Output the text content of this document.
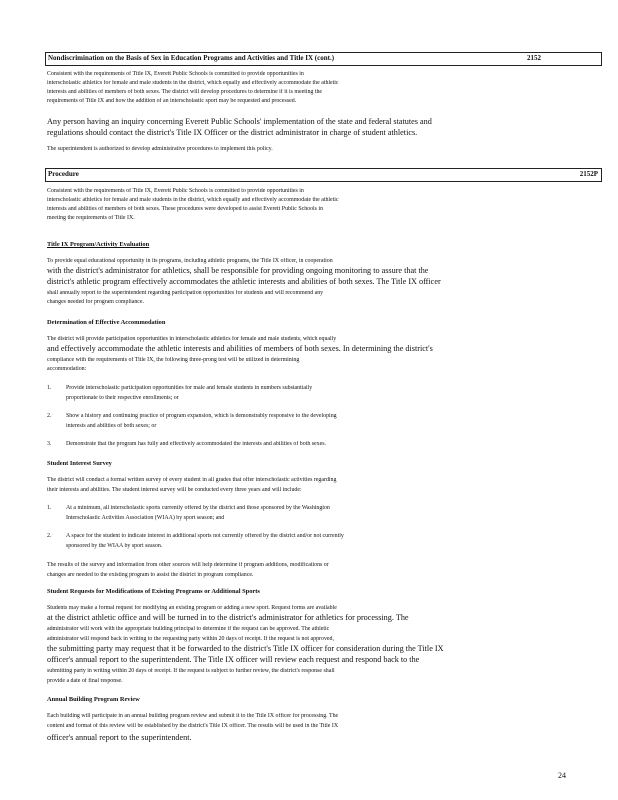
Nondiscrimination on the Basis of Sex in Education Programs and Activities and Title IX (cont.)	2152
Consistent with the requirements of Title IX, Everett Public Schools is committed to provide opportunities in
interscholastic athletics for female and male students in the district, which equally and effectively accommodate the athletic
interests and abilities of members of both sexes. The district will develop procedures to determine if it is meeting the
requirements of Title IX and how the addition of an interscholastic sport may be requested and processed.
Any person having an inquiry concerning Everett Public Schools' implementation of the state and federal statutes and
regulations should contact the district's Title IX Officer or the district administrator in charge of student athletics.
The superintendent is authorized to develop administrative procedures to implement this policy.
Procedure	2152P
Consistent with the requirements of Title IX, Everett Public Schools is committed to provide opportunities in
interscholastic athletics for female and male students in the district, which equally and effectively accommodate the athletic
interests and abilities of members of both sexes. These procedures were developed to assist Everett Public Schools in
meeting the requirements of Title IX.
Title IX Program/Activity Evaluation
To provide equal educational opportunity in its programs, including athletic programs, the Title IX officer, in cooperation
with the district's administrator for athletics, shall be responsible for providing ongoing monitoring to assure that the
district's athletic program effectively accommodates the athletic interests and abilities of both sexes. The Title IX officer
shall annually report to the superintendent regarding participation opportunities for students and will recommend any
changes needed for program compliance.
Determination of Effective Accommodation
The district will provide participation opportunities in interscholastic athletics for female and male students, which equally
and effectively accommodate the athletic interests and abilities of members of both sexes. In determining the district's
compliance with the requirements of Title IX, the following three-prong test will be utilized in determining
accommodation:
1. Provide interscholastic participation opportunities for male and female students in numbers substantially
proportionate to their respective enrollments; or
2. Show a history and continuing practice of program expansion, which is demonstrably responsive to the developing
interests and abilities of both sexes; or
3. Demonstrate that the program has fully and effectively accommodated the interests and abilities of both sexes.
Student Interest Survey
The district will conduct a formal written survey of every student in all grades that offer interscholastic activities regarding
their interests and abilities. The student interest survey will be conducted every three years and will include:
1. At a minimum, all interscholastic sports currently offered by the district and those sponsored by the Washington
Interscholastic Activities Association (WIAA) by sport season; and
2. A space for the student to indicate interest in additional sports not currently offered by the district and/or not currently
sponsored by the WIAA by sport season.
The results of the survey and information from other sources will help determine if program additions, modifications or
changes are needed to the existing program to assist the district in program compliance.
Student Requests for Modifications of Existing Programs or Additional Sports
Students may make a formal request for modifying an existing program or adding a new sport. Request forms are available
at the district athletic office and will be turned in to the district's administrator for athletics for processing. The
administrator will work with the appropriate building principal to determine if the request can be approved. The athletic
administrator will respond back in writing to the requesting party within 20 days of receipt. If the request is not approved,
the submitting party may request that it be forwarded to the district's Title IX officer for consideration during the Title IX
officer's annual report to the superintendent. The Title IX officer will review each request and respond back to the
submitting party in writing within 20 days of receipt. If the request is subject to further review, the district's response shall
provide a date of final response.
Annual Building Program Review
Each building will participate in an annual building program review and submit it to the Title IX officer for processing. The
content and format of this review will be established by the district's Title IX officer. The results will be used in the Title IX
officer's annual report to the superintendent.
24
